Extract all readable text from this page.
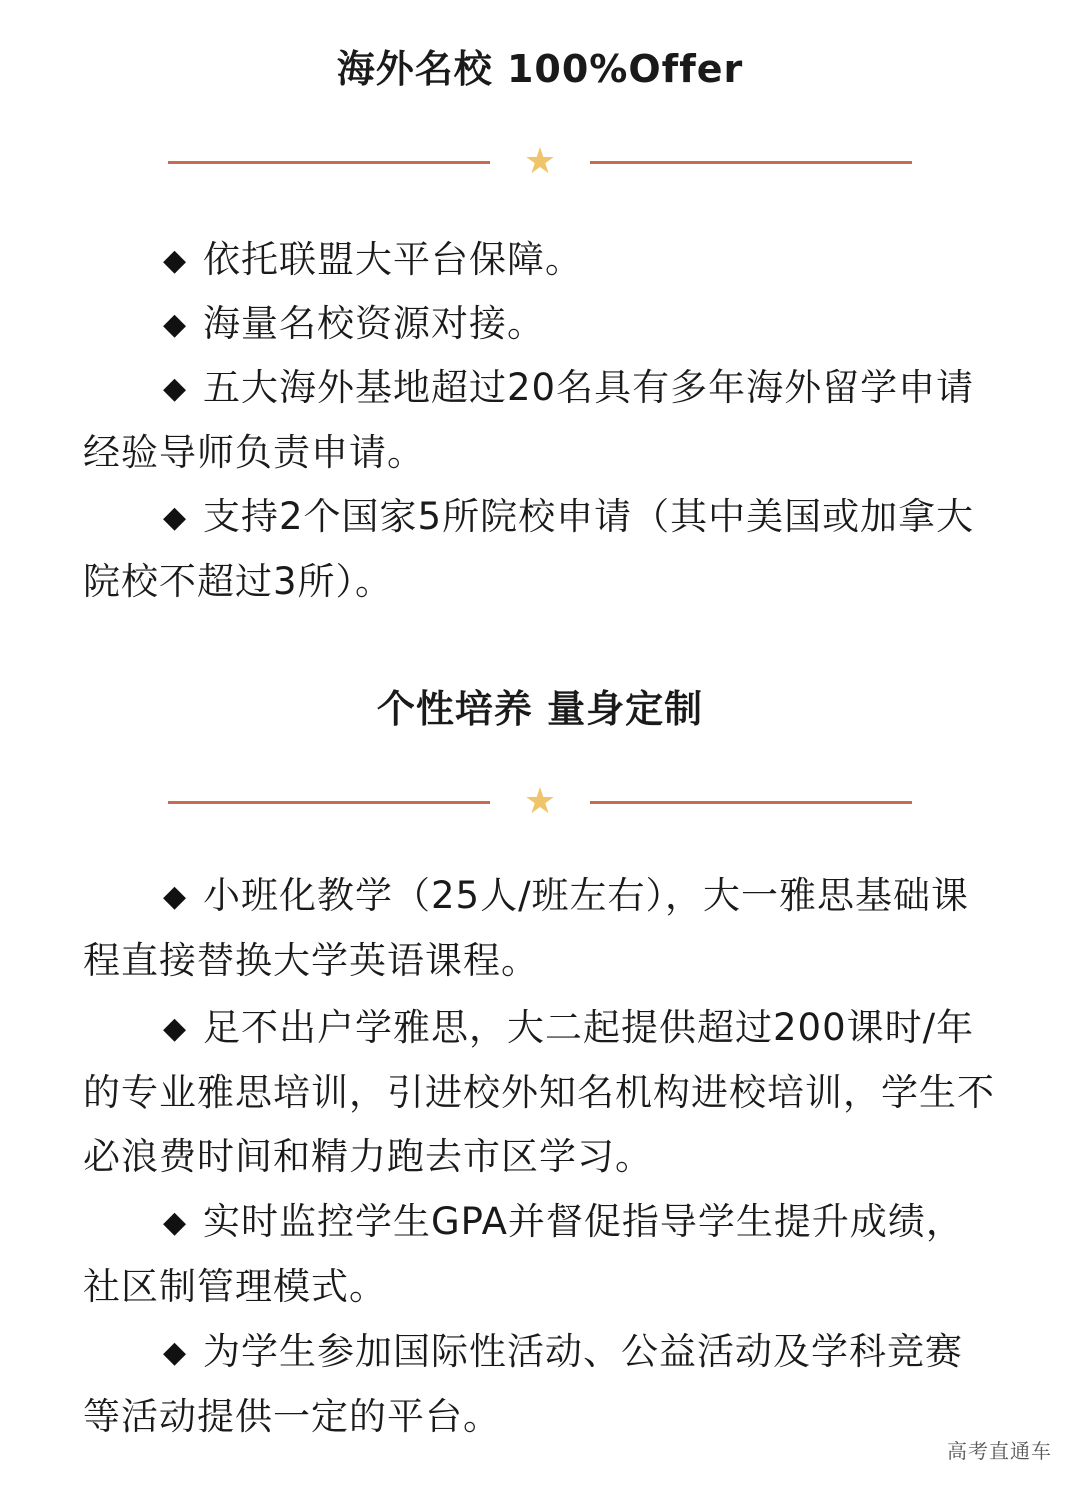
海外名校 100%Offer
★
◆ 依托联盟大平台保障。
◆ 海量名校资源对接。
◆ 五大海外基地超过20名具有多年海外留学申请经验导师负责申请。
◆ 支持2个国家5所院校申请（其中美国或加拿大院校不超过3所）。
个性培养 量身定制
★
◆ 小班化教学（25人/班左右），大一雅思基础课程直接替换大学英语课程。
◆ 足不出户学雅思，大二起提供超过200课时/年的专业雅思培训，引进校外知名机构进校培训，学生不必浪费时间和精力跑去市区学习。
◆ 实时监控学生GPA并督促指导学生提升成绩，社区制管理模式。
◆ 为学生参加国际性活动、公益活动及学科竞赛等活动提供一定的平台。
高考直通车
